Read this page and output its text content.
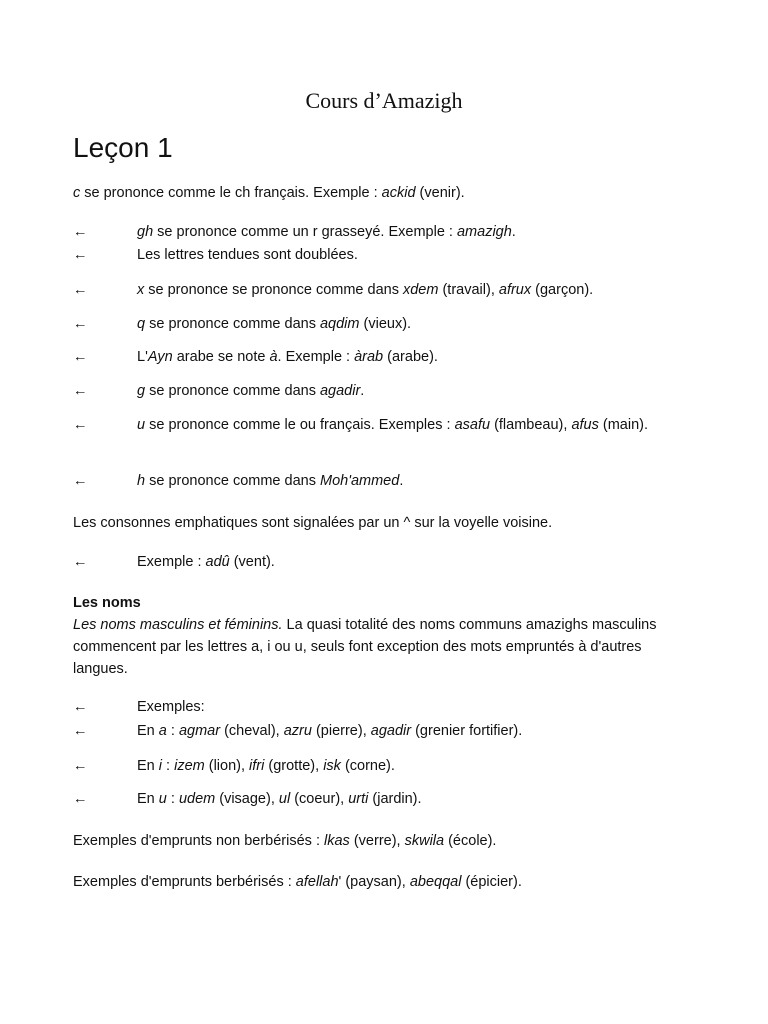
Cours d’Amazigh
Leçon 1
c se prononce comme le ch français. Exemple : ackid (venir).
←	gh se prononce comme un r grasseyé. Exemple : amazigh.
←	Les lettres tendues sont doublées.
←	x se prononce se prononce comme dans xdem (travail), afrux (garçon).
←	q se prononce comme dans aqdim (vieux).
←	L'Ayn arabe se note à. Exemple : àrab (arabe).
←	g se prononce comme dans agadir.
←	u se prononce comme le ou français. Exemples : asafu (flambeau), afus (main).
←	h se prononce comme dans Moh'ammed.
Les consonnes emphatiques sont signalées par un ^ sur la voyelle voisine.
←	Exemple : adû (vent).
Les noms
Les noms masculins et féminins. La quasi totalité des noms communs amazighs masculins commencent par les lettres a, i ou u, seuls font exception des mots empruntés à d'autres langues.
←	Exemples:
←	En a : agmar (cheval), azru (pierre), agadir (grenier fortifier).
←	En i : izem (lion), ifri (grotte), isk (corne).
←	En u : udem (visage), ul (coeur), urti (jardin).
Exemples d'emprunts non berbérisés : lkas (verre), skwila (école).
Exemples d'emprunts berbérisés : afellah' (paysan), abeqqal (épicier).
